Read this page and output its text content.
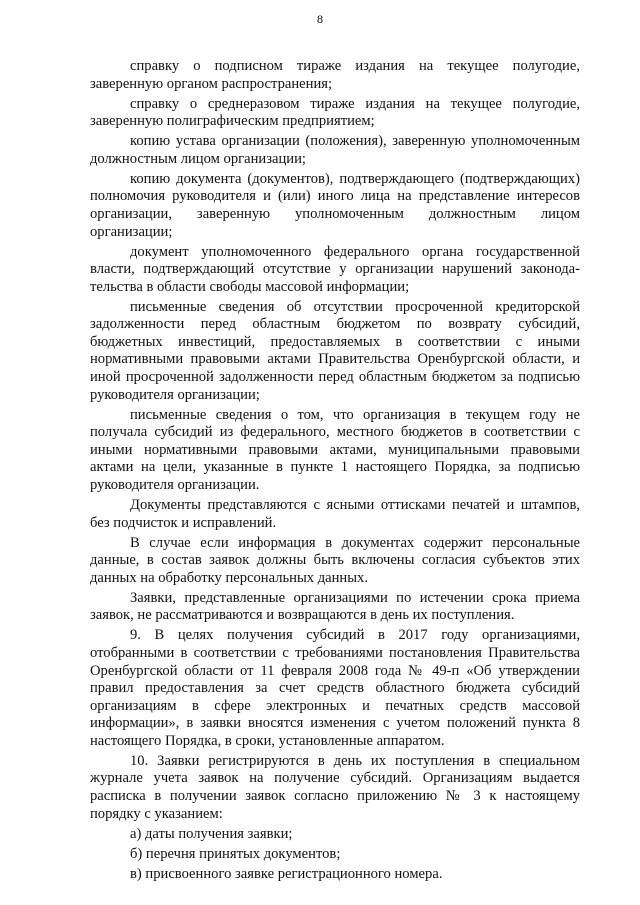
8

справку о подписном тираже издания на текущее полугодие, заверенную органом распространения;

справку о среднеразовом тираже издания на текущее полугодие, заверенную полиграфическим предприятием;

копию устава организации (положения), заверенную уполномоченным должностным лицом организации;

копию документа (документов), подтверждающего (подтверждающих) полномочия руководителя и (или) иного лица на представление интересов организации, заверенную уполномоченным должностным лицом организации;

документ уполномоченного федерального органа государственной власти, подтверждающий отсутствие у организации нарушений законодательства в области свободы массовой информации;

письменные сведения об отсутствии просроченной кредиторской задолженности перед областным бюджетом по возврату субсидий, бюджетных инвестиций, предоставляемых в соответствии с иными нормативными правовыми актами Правительства Оренбургской области, и иной просроченной задолженности перед областным бюджетом за подписью руководителя организации;

письменные сведения о том, что организация в текущем году не получала субсидий из федерального, местного бюджетов в соответствии с иными нормативными правовыми актами, муниципальными правовыми актами на цели, указанные в пункте 1 настоящего Порядка, за подписью руководителя организации.

Документы представляются с ясными оттисками печатей и штампов, без подчисток и исправлений.

В случае если информация в документах содержит персональные данные, в состав заявок должны быть включены согласия субъектов этих данных на обработку персональных данных.

Заявки, представленные организациями по истечении срока приема заявок, не рассматриваются и возвращаются в день их поступления.

9. В целях получения субсидий в 2017 году организациями, отобранными в соответствии с требованиями постановления Правительства Оренбургской области от 11 февраля 2008 года № 49-п «Об утверждении правил предоставления за счет средств областного бюджета субсидий организациям в сфере электронных и печатных средств массовой информации», в заявки вносятся изменения с учетом положений пункта 8 настоящего Порядка, в сроки, установленные аппаратом.

10. Заявки регистрируются в день их поступления в специальном журнале учета заявок на получение субсидий. Организациям выдается расписка в получении заявок согласно приложению № 3 к настоящему порядку с указанием:

а) даты получения заявки;

б) перечня принятых документов;

в) присвоенного заявке регистрационного номера.
